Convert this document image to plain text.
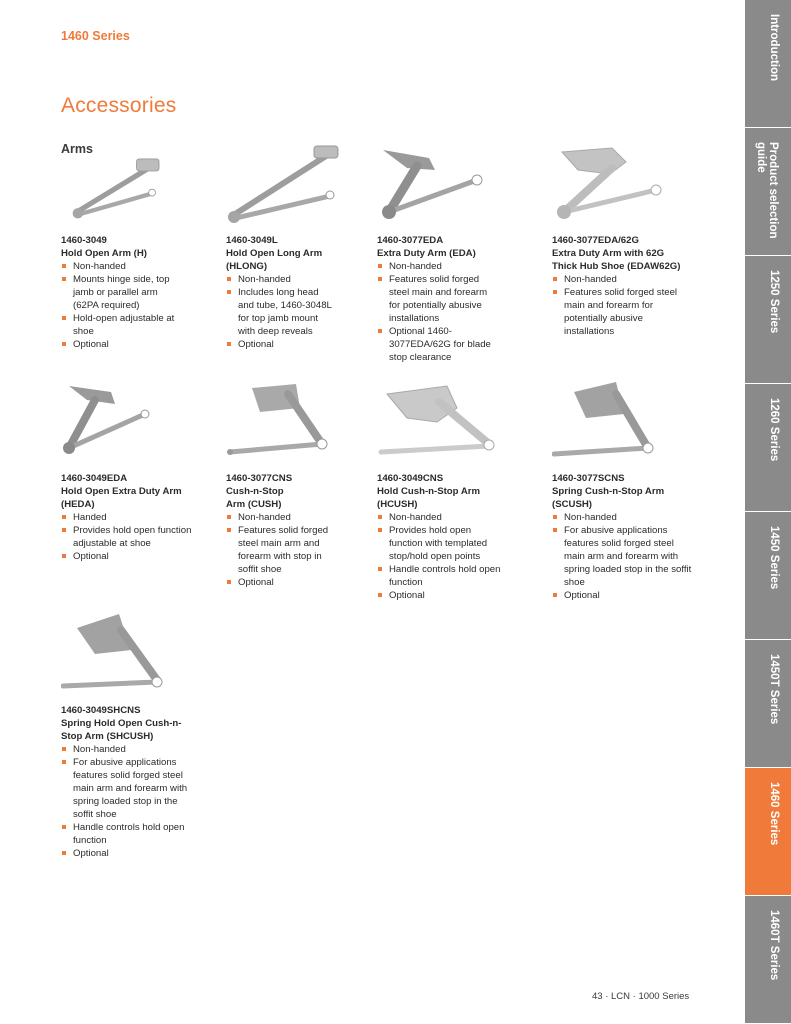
1460 Series
Accessories
Arms
1460-3049
Hold Open Arm (H)
Non-handed
Mounts hinge side, top jamb or parallel arm (62PA required)
Hold-open adjustable at shoe
Optional
1460-3049L
Hold Open Long Arm
(HLONG)
Non-handed
Includes long head and tube, 1460-3048L for top jamb mount with deep reveals
Optional
1460-3077EDA
Extra Duty Arm (EDA)
Non-handed
Features solid forged steel main and forearm for potentially abusive installations
Optional 1460-3077EDA/62G for blade stop clearance
1460-3077EDA/62G
Extra Duty Arm with 62G
Thick Hub Shoe (EDAW62G)
Non-handed
Features solid forged steel main and forearm for potentially abusive installations
1460-3049EDA
Hold Open Extra Duty Arm
(HEDA)
Handed
Provides hold open function adjustable at shoe
Optional
1460-3077CNS
Cush-n-Stop
Arm (CUSH)
Non-handed
Features solid forged steel main arm and forearm with stop in soffit shoe
Optional
1460-3049CNS
Hold Cush-n-Stop Arm
(HCUSH)
Non-handed
Provides hold open function with templated stop/hold open points
Handle controls hold open function
Optional
1460-3077SCNS
Spring Cush-n-Stop Arm
(SCUSH)
Non-handed
For abusive applications features solid forged steel main arm and forearm with spring loaded stop in the soffit shoe
Optional
1460-3049SHCNS
Spring Hold Open Cush-n-
Stop Arm (SHCUSH)
Non-handed
For abusive applications features solid forged steel main arm and forearm with spring loaded stop in the soffit shoe
Handle controls hold open function
Optional
Introduction
Product selection
guide
1250 Series
1260 Series
1450 Series
1450T Series
1460 Series
1460T Series
43 · LCN · 1000 Series
